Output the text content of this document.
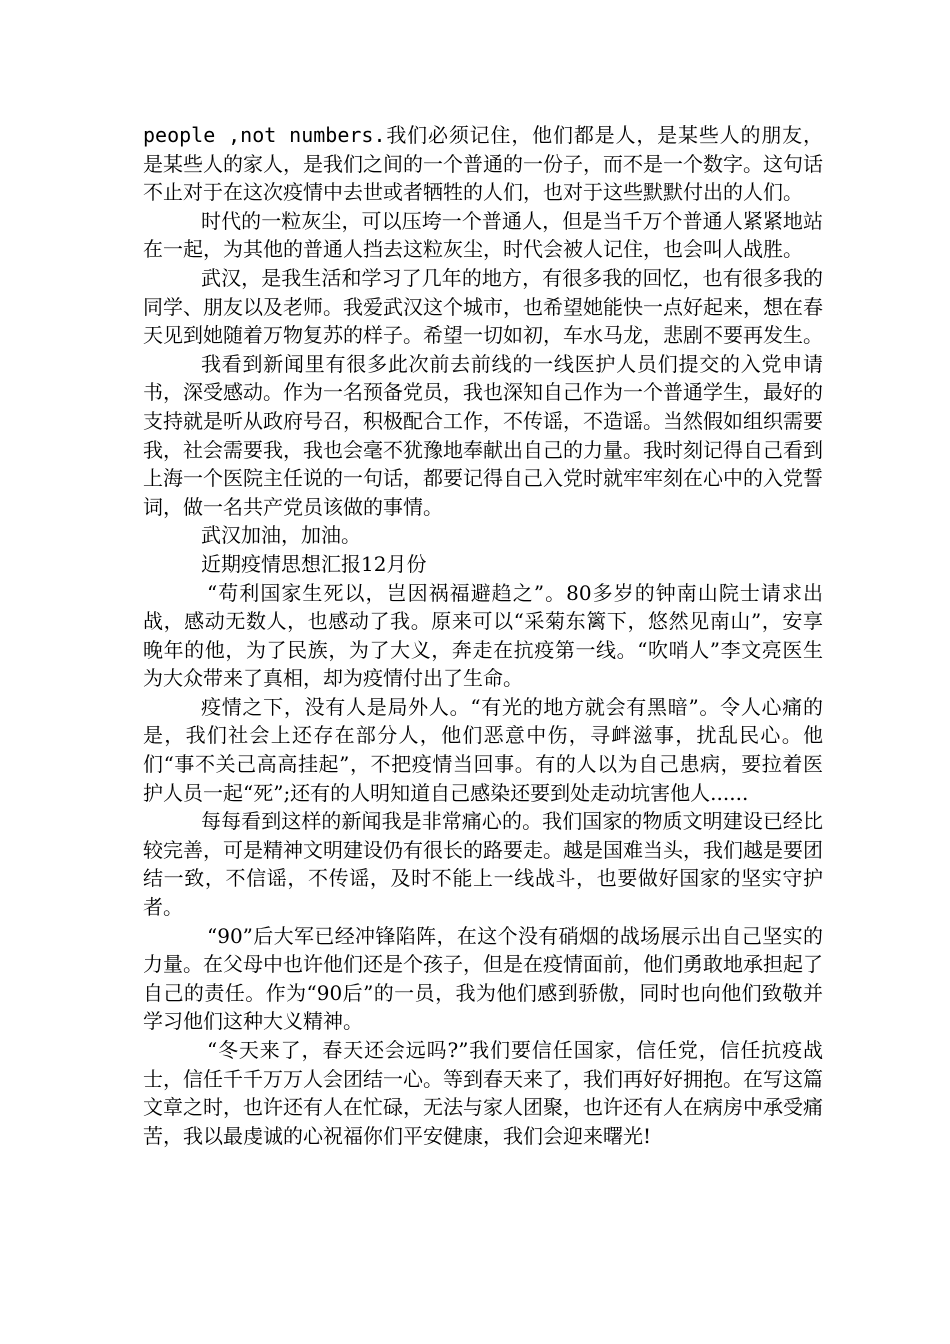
people ,not numbers.我们必须记住，他们都是人，是某些人的朋友，是某些人的家人，是我们之间的一个普通的一份子，而不是一个数字。这句话不止对于在这次疫情中去世或者牺牲的人们，也对于这些默默付出的人们。

时代的一粒灰尘，可以压垮一个普通人，但是当千万个普通人紧紧地站在一起，为其他的普通人挡去这粒灰尘，时代会被人记住，也会叫人战胜。

武汉，是我生活和学习了几年的地方，有很多我的回忆，也有很多我的同学、朋友以及老师。我爱武汉这个城市，也希望她能快一点好起来，想在春天见到她随着万物复苏的样子。希望一切如初，车水马龙，悲剧不要再发生。

我看到新闻里有很多此次前去前线的一线医护人员们提交的入党申请书，深受感动。作为一名预备党员，我也深知自己作为一个普通学生，最好的支持就是听从政府号召，积极配合工作，不传谣，不造谣。当然假如组织需要我，社会需要我，我也会毫不犹豫地奉献出自己的力量。我时刻记得自己看到上海一个医院主任说的一句话，都要记得自己入党时就牢牢刻在心中的入党誓词，做一名共产党员该做的事情。

武汉加油，加油。

近期疫情思想汇报12月份

“苟利国家生死以，岂因祸福避趋之”。80多岁的钟南山院士请求出战，感动无数人，也感动了我。原来可以“采菊东篱下，悠然见南山”，安享晚年的他，为了民族，为了大义，奔走在抗疫第一线。“吹哨人”李文亮医生为大众带来了真相，却为疫情付出了生命。

疫情之下，没有人是局外人。“有光的地方就会有黑暗”。令人心痛的是，我们社会上还存在部分人，他们恶意中伤，寻衅滋事，扰乱民心。他们“事不关己高高挂起”，不把疫情当回事。有的人以为自己患病，要拉着医护人员一起“死”;还有的人明知道自己感染还要到处走动坑害他人......

每每看到这样的新闻我是非常痛心的。我们国家的物质文明建设已经比较完善，可是精神文明建设仍有很长的路要走。越是国难当头，我们越是要团结一致，不信谣，不传谣，及时不能上一线战斗，也要做好国家的坚实守护者。

“90”后大军已经冲锋陷阵，在这个没有硝烟的战场展示出自己坚实的力量。在父母中也许他们还是个孩子，但是在疫情面前，他们勇敢地承担起了自己的责任。作为“90后”的一员，我为他们感到骄傲，同时也向他们致敬并学习他们这种大义精神。

“冬天来了，春天还会远吗?”我们要信任国家，信任党，信任抗疫战士，信任千千万万人会团结一心。等到春天来了，我们再好好拥抱。在写这篇文章之时，也许还有人在忙碌，无法与家人团聚，也许还有人在病房中承受痛苦，我以最虔诚的心祝福你们平安健康，我们会迎来曙光!
